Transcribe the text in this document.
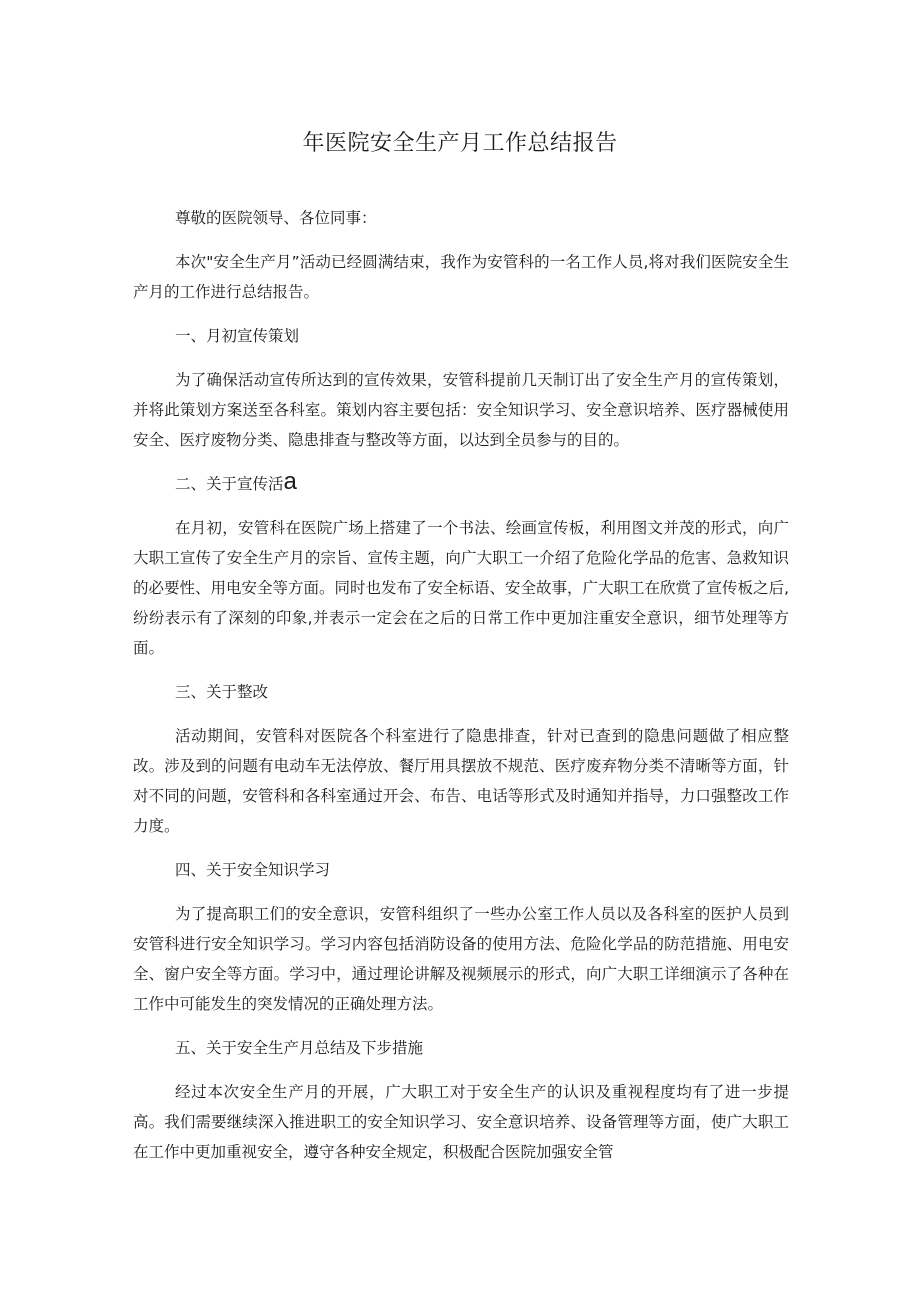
年医院安全生产月工作总结报告

尊敬的医院领导、各位同事：

本次"安全生产月”活动已经圆满结束，我作为安管科的一名工作人员,将对我们医院安全生产月的工作进行总结报告。

一、月初宣传策划

为了确保活动宣传所达到的宣传效果，安管科提前几天制订出了安全生产月的宣传策划，并将此策划方案送至各科室。策划内容主要包括：安全知识学习、安全意识培养、医疗器械使用安全、医疗废物分类、隐患排查与整改等方面，以达到全员参与的目的。

二、关于宣传活a

在月初，安管科在医院广场上搭建了一个书法、绘画宣传板，利用图文并茂的形式，向广大职工宣传了安全生产月的宗旨、宣传主题，向广大职工一介绍了危险化学品的危害、急救知识的必要性、用电安全等方面。同时也发布了安全标语、安全故事，广大职工在欣赏了宣传板之后,纷纷表示有了深刻的印象,并表示一定会在之后的日常工作中更加注重安全意识，细节处理等方面。

三、关于整改

活动期间，安管科对医院各个科室进行了隐患排查，针对已查到的隐患问题做了相应整改。涉及到的问题有电动车无法停放、餐厅用具摆放不规范、医疗废弃物分类不清晰等方面，针对不同的问题，安管科和各科室通过开会、布告、电话等形式及时通知并指导，力口强整改工作力度。

四、关于安全知识学习

为了提高职工们的安全意识，安管科组织了一些办公室工作人员以及各科室的医护人员到安管科进行安全知识学习。学习内容包括消防设备的使用方法、危险化学品的防范措施、用电安全、窗户安全等方面。学习中，通过理论讲解及视频展示的形式，向广大职工详细演示了各种在工作中可能发生的突发情况的正确处理方法。

五、关于安全生产月总结及下步措施

经过本次安全生产月的开展，广大职工对于安全生产的认识及重视程度均有了进一步提高。我们需要继续深入推进职工的安全知识学习、安全意识培养、设备管理等方面，使广大职工在工作中更加重视安全，遵守各种安全规定，积极配合医院加强安全管
